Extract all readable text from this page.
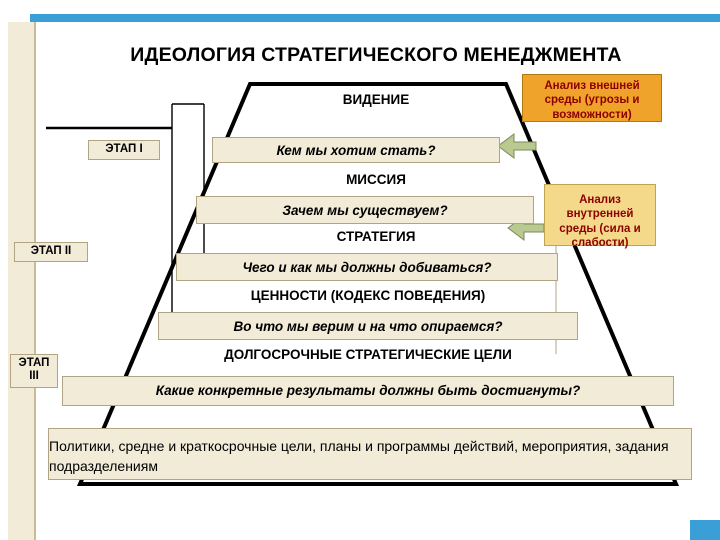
ИДЕОЛОГИЯ СТРАТЕГИЧЕСКОГО МЕНЕДЖМЕНТА
ВИДЕНИЕ
Кем мы хотим стать?
МИССИЯ
Зачем мы существуем?
СТРАТЕГИЯ
Чего и как мы должны добиваться?
ЦЕННОСТИ (КОДЕКС ПОВЕДЕНИЯ)
Во что мы верим и на что опираемся?
ДОЛГОСРОЧНЫЕ СТРАТЕГИЧЕСКИЕ ЦЕЛИ
Какие конкретные результаты должны быть достигнуты?
Политики, средне и краткосрочные цели, планы и программы действий, мероприятия, задания подразделениям
ЭТАП I
ЭТАП II
ЭТАП III
Анализ внешней среды (угрозы и возможности)
Анализ внутренней среды (сила и слабости)
